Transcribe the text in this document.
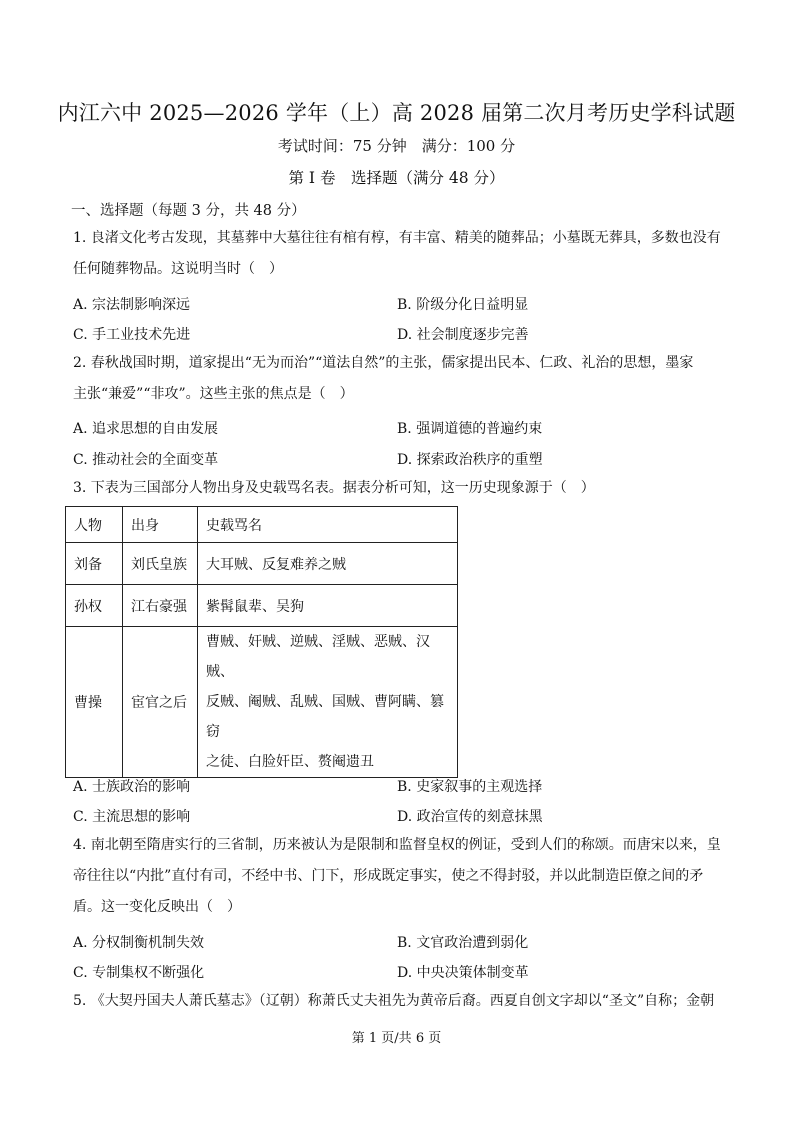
内江六中 2025—2026 学年（上）高 2028 届第二次月考历史学科试题
考试时间：75 分钟　满分：100 分
第 I 卷　选择题（满分 48 分）
一、选择题（每题 3 分，共 48 分）

1. 良渚文化考古发现，其墓葬中大墓往往有棺有椁，有丰富、精美的随葬品；小墓既无葬具，多数也没有

任何随葬物品。这说明当时（　）

A. 宗法制影响深远	B. 阶级分化日益明显
C. 手工业技术先进	D. 社会制度逐步完善

2. 春秋战国时期，道家提出“无为而治”“道法自然”的主张，儒家提出民本、仁政、礼治的思想，墨家

主张“兼爱”“非攻”。这些主张的焦点是（　）

A. 追求思想的自由发展	B. 强调道德的普遍约束
C. 推动社会的全面变革	D. 探索政治秩序的重塑

3. 下表为三国部分人物出身及史载骂名表。据表分析可知，这一历史现象源于（　）

人物	出身	史载骂名
刘备	刘氏皇族	大耳贼、反复难养之贼
孙权	江右豪强	紫髯鼠辈、吴狗
曹操	宦官之后	曹贼、奸贼、逆贼、淫贼、恶贼、汉贼、
反贼、阉贼、乱贼、国贼、曹阿瞒、篡窃
之徒、白脸奸臣、赘阉遗丑
A. 士族政治的影响	B. 史家叙事的主观选择
C. 主流思想的影响	D. 政治宣传的刻意抹黑

4. 南北朝至隋唐实行的三省制，历来被认为是限制和监督皇权的例证，受到人们的称颂。而唐宋以来，皇

帝往往以“内批”直付有司，不经中书、门下，形成既定事实，使之不得封驳，并以此制造臣僚之间的矛

盾。这一变化反映出（　）

A. 分权制衡机制失效	B. 文官政治遭到弱化
C. 专制集权不断强化	D. 中央决策体制变革

5. 《大契丹国夫人萧氏墓志》（辽朝）称萧氏丈夫祖先为黄帝后裔。西夏自创文字却以“圣文”自称；金朝

第 1 页/共 6 页
